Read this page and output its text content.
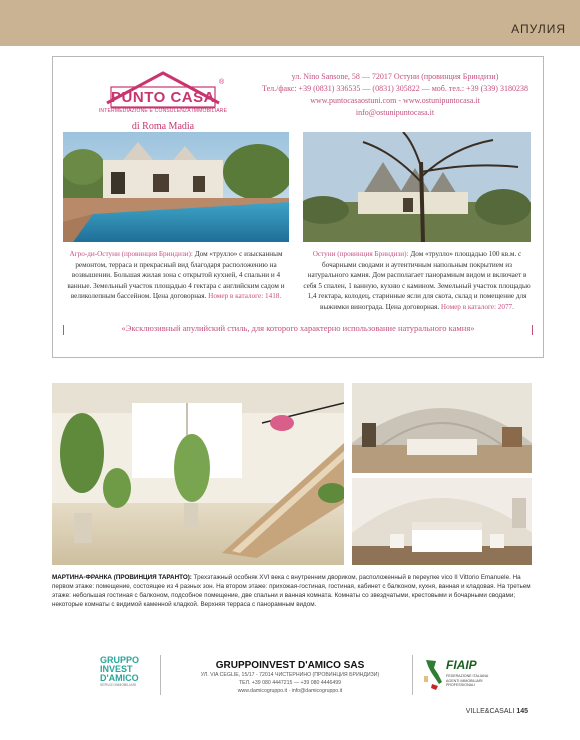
АПУЛИЯ
PUNTO CASA
®
INTERMEDIAZIONE E CONSULENZA IMMOBILIARE
di Roma Madia
ул. Nino Sansone, 58 — 72017 Остуни (провинция Бриндизи)
Тел./факс: +39 (0831) 336535 — (0831) 305822 — моб. тел.: +39 (339) 3180238
www.puntocasaostuni.com - www.ostunipuntocasa.it
info@ostunipuntocasa.it
Агро-ди-Остуни (провинция Бриндизи): Дом «трулло» с изысканным ремонтом, терраса и прекрасный вид благодаря расположению на возвышении. Большая жилая зона с открытой кухней, 4 спальни и 4 ванные. Земельный участок площадью 4 гектара с английским садом и великолепным бассейном. Цена договорная. Номер в каталоге: 1418.
Остуни (провинция Бриндизи): Дом «трулло» площадью 100 кв.м. с бочарными сводами и аутентичным напольным покрытием из натурального камня. Дом располагает панорамным видом и включает в себя 5 спален, 1 ванную, кухню с камином. Земельный участок площадью 1,4 гектара, колодец, старинные ясли для скота, склад и помещение для выжимки винограда. Цена договорная. Номер в каталоге: 2077.
«Эксклюзивный апулийский стиль, для которого характерно использование натурального камня»
МАРТИНА-ФРАНКА (ПРОВИНЦИЯ ТАРАНТО): Трехэтажный особняк XVI века с внутренним двориком, расположенный в переулке vico II Vittorio Emanuele. На первом этаже: помещение, состоящее из 4 разных зон. На втором этаже: прихожая-гостиная, гостиная, кабинет с балконом, кухня, ванная и кладовая. На третьем этаже: небольшая гостиная с балконом, подсобное помещение, две спальни и ванная комната. Комнаты со звездчатыми, крестовыми и бочарными сводами; некоторые комнаты с видимой каменной кладкой. Верхняя терраса с панорамным видом.
GRUPPO
INVEST
D'AMICO
SERVIZI IMMOBILIARI
GRUPPOINVEST D'AMICO SAS
УЛ. VIA CEGLIE, 15/17 - 72014 ЧИСТЕРНИНО (ПРОВИНЦИЯ БРИНДИЗИ)
ТЕЛ. +39 080 4447215 — +39 080 4446499
www.damicogruppo.it · info@damicogruppo.it
FIAIP
FEDERAZIONE ITALIANA
AGENTI IMMOBILIARI
PROFESSIONALI
VILLE&CASALI 145
